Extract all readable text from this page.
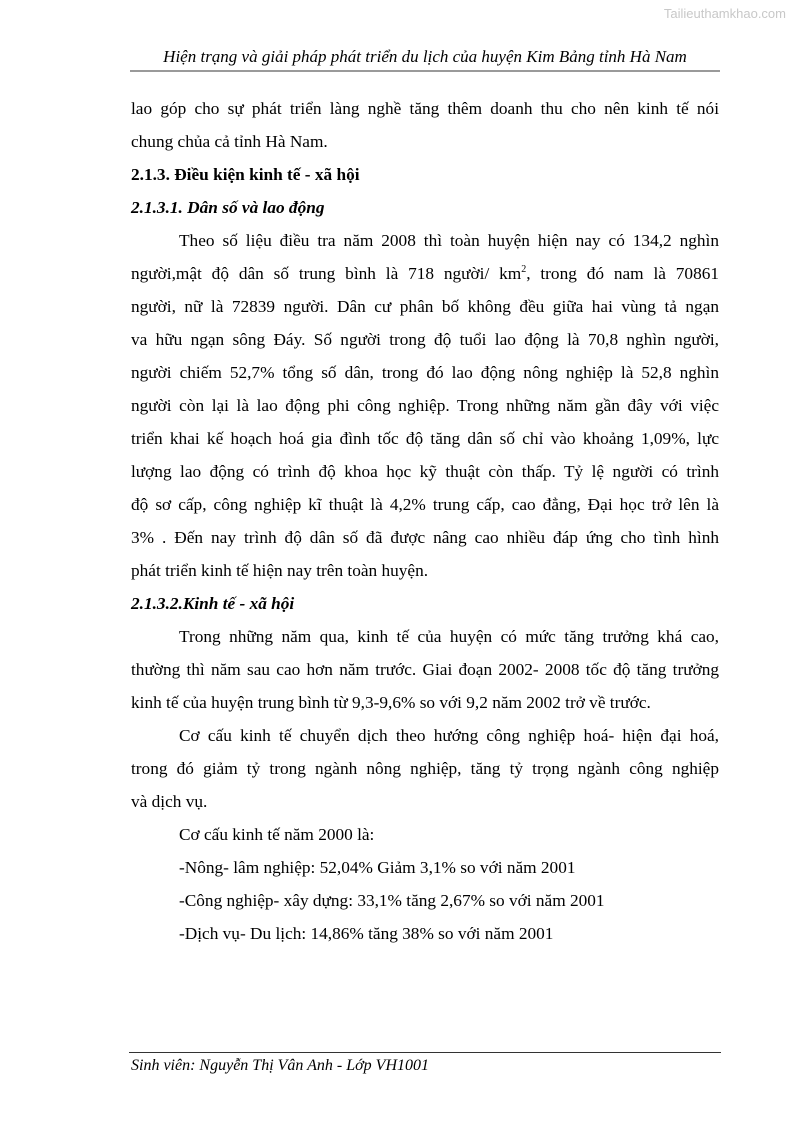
Tailieuthamkhao.com
Hiện trạng và giải pháp phát triển du lịch của huyện Kim Bảng tỉnh Hà Nam

lao góp cho sự phát triển làng nghề tăng thêm doanh thu cho nên kinh tế nói

chung chủa cả tỉnh Hà Nam.

2.1.3. Điều kiện kinh tế - xã hội

2.1.3.1. Dân số và lao động

Theo số liệu điều tra năm 2008 thì toàn huyện hiện nay có 134,2 nghìn

người,mật độ dân số trung bình là 718 người/ $km^2$, trong đó nam là 70861

người, nữ là 72839 người. Dân cư phân bố không đều giữa hai vùng tả ngạn

va hữu ngạn sông Đáy. Số người trong độ tuổi lao động là 70,8 nghìn người,

người chiếm 52,7% tổng số dân, trong đó lao động nông nghiệp là 52,8 nghìn

người còn lại là lao động phi công nghiệp. Trong những năm gần đây với việc

triển khai kế hoạch hoá gia đình tốc độ tăng dân số chỉ vào khoảng 1,09%, lực

lượng lao động có trình độ khoa học kỹ thuật còn thấp. Tỷ lệ người có trình

độ sơ cấp, công nghiệp kĩ thuật là 4,2% trung cấp, cao đẳng, Đại học trở lên là

3% . Đến nay trình độ dân số đã được nâng cao nhiều đáp ứng cho tình hình

phát triển kinh tế hiện nay trên toàn huyện.

2.1.3.2.Kinh tế - xã hội

Trong những năm qua, kinh tế của huyện có mức tăng trưởng khá cao,

thường thì năm sau cao hơn năm trước. Giai đoạn 2002- 2008 tốc độ tăng trưởng

kinh tế của huyện trung bình từ 9,3-9,6% so với 9,2 năm 2002 trở về trước.

Cơ cấu kinh tế chuyển dịch theo hướng công nghiệp hoá- hiện đại hoá,

trong đó giảm tỷ trong ngành nông nghiệp, tăng tỷ trọng ngành công nghiệp

và dịch vụ.

Cơ cấu kinh tế năm 2000 là:

-Nông- lâm nghiệp: 52,04% Giảm 3,1% so với năm 2001

-Công nghiệp- xây dựng: 33,1% tăng 2,67% so với năm 2001

-Dịch vụ- Du lịch: 14,86% tăng 38% so với năm 2001

Sinh viên: Nguyễn Thị Vân Anh - Lớp VH1001
